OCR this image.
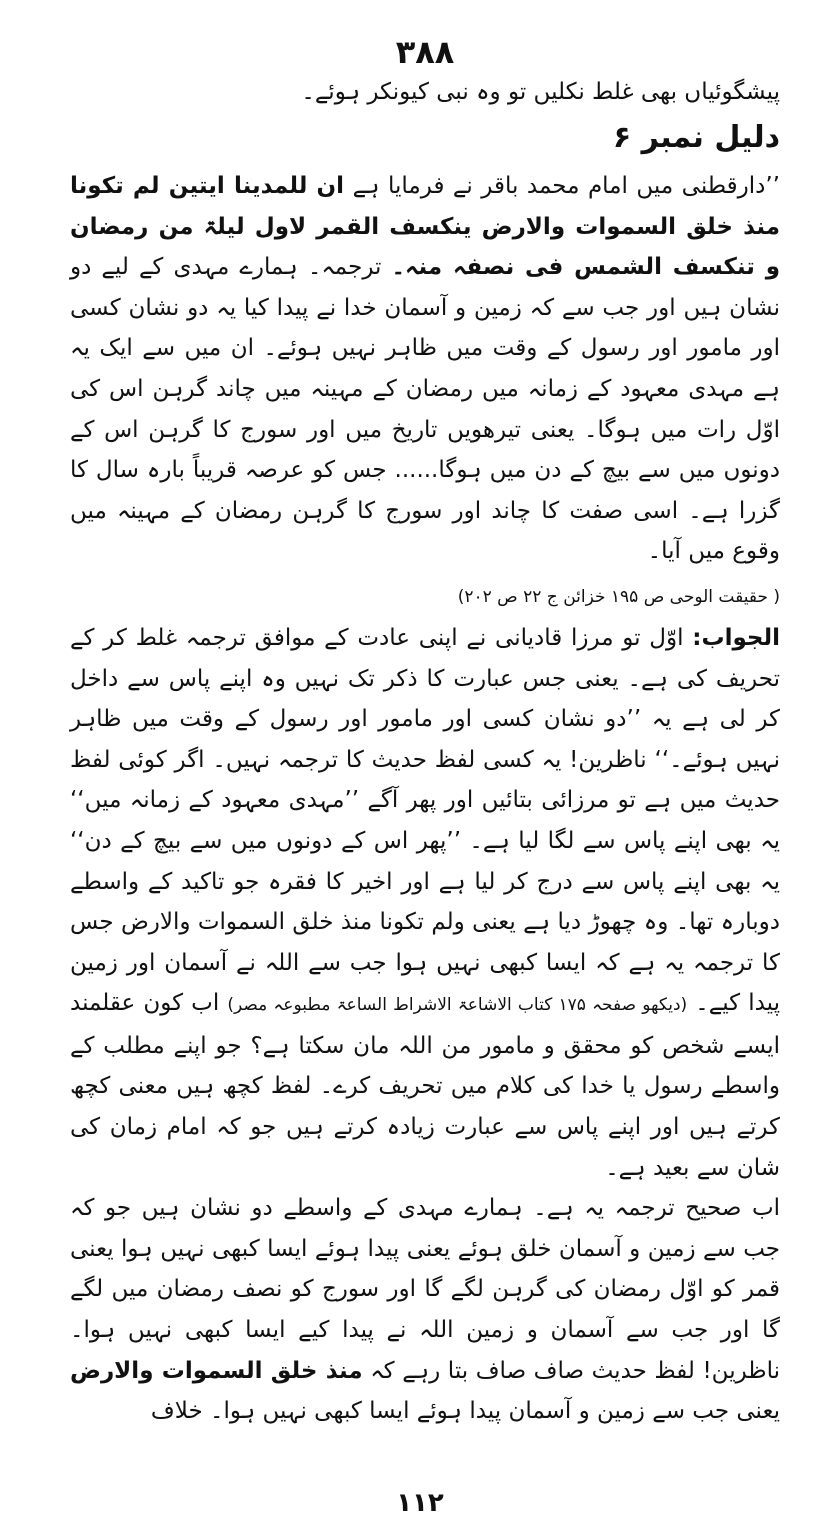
۳۸۸

پیشگوئیاں بھی غلط نکلیں تو وہ نبی کیونکر ہوئے۔

دلیل نمبر ۶

’’دارقطنی میں امام محمد باقر نے فرمایا ہے ان للمدینا ایتین لم تکونا منذ خلق السموات والارض ینکسف القمر لاول لیلۃ من رمضان و تنکسف الشمس فی نصفہ منہ۔ ترجمہ۔ ہمارے مہدی کے لیے دو نشان ہیں اور جب سے کہ زمین و آسمان خدا نے پیدا کیا یہ دو نشان کسی اور مامور اور رسول کے وقت میں ظاہر نہیں ہوئے۔ ان میں سے ایک یہ ہے مہدی معہود کے زمانہ میں رمضان کے مہینہ میں چاند گرہن اس کی اوّل رات میں ہوگا۔ یعنی تیرھویں تاریخ میں اور سورج کا گرہن اس کے دونوں میں سے بیچ کے دن میں ہوگا...... جس کو عرصہ قریباً بارہ سال کا گزرا ہے۔ اسی صفت کا چاند اور سورج کا گرہن رمضان کے مہینہ میں وقوع میں آیا۔

( حقیقت الوحی ص ۱۹۵ خزائن ج ۲۲ ص ۲۰۲)

الجواب: اوّل تو مرزا قادیانی نے اپنی عادت کے موافق ترجمہ غلط کر کے تحریف کی ہے۔ یعنی جس عبارت کا ذکر تک نہیں وہ اپنے پاس سے داخل کر لی ہے یہ ’’دو نشان کسی اور مامور اور رسول کے وقت میں ظاہر نہیں ہوئے۔‘‘ ناظرین! یہ کسی لفظ حدیث کا ترجمہ نہیں۔ اگر کوئی لفظ حدیث میں ہے تو مرزائی بتائیں اور پھر آگے ’’مہدی معہود کے زمانہ میں‘‘ یہ بھی اپنے پاس سے لگا لیا ہے۔ ’’پھر اس کے دونوں میں سے بیچ کے دن‘‘ یہ بھی اپنے پاس سے درج کر لیا ہے اور اخیر کا فقرہ جو تاکید کے واسطے دوبارہ تھا۔ وہ چھوڑ دیا ہے یعنی ولم تکونا منذ خلق السموات والارض جس کا ترجمہ یہ ہے کہ ایسا کبھی نہیں ہوا جب سے اللہ نے آسمان اور زمین پیدا کیے۔ (دیکھو صفحہ ۱۷۵ کتاب الاشاعۃ الاشراط الساعۃ مطبوعہ مصر) اب کون عقلمند ایسے شخص کو محقق و مامور من اللہ مان سکتا ہے؟ جو اپنے مطلب کے واسطے رسول یا خدا کی کلام میں تحریف کرے۔ لفظ کچھ ہیں معنی کچھ کرتے ہیں اور اپنے پاس سے عبارت زیادہ کرتے ہیں جو کہ امام زمان کی شان سے بعید ہے۔

اب صحیح ترجمہ یہ ہے۔ ہمارے مہدی کے واسطے دو نشان ہیں جو کہ جب سے زمین و آسمان خلق ہوئے یعنی پیدا ہوئے ایسا کبھی نہیں ہوا یعنی قمر کو اوّل رمضان کی گرہن لگے گا اور سورج کو نصف رمضان میں لگے گا اور جب سے آسمان و زمین اللہ نے پیدا کیے ایسا کبھی نہیں ہوا۔ ناظرین! لفظ حدیث صاف صاف بتا رہے کہ منذ خلق السموات والارض یعنی جب سے زمین و آسمان پیدا ہوئے ایسا کبھی نہیں ہوا۔ خلاف

۱۱۲
